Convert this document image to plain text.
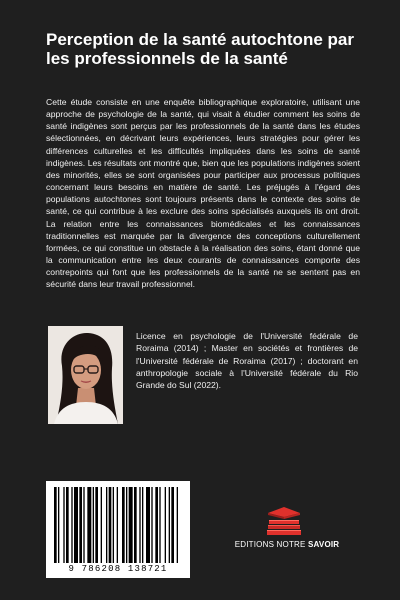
Perception de la santé autochtone par les professionnels de la santé

Cette étude consiste en une enquête bibliographique exploratoire, utilisant une approche de psychologie de la santé, qui visait à étudier comment les soins de santé indigènes sont perçus par les professionnels de la santé dans les études sélectionnées, en décrivant leurs expériences, leurs stratégies pour gérer les différences culturelles et les difficultés impliquées dans les soins de santé indigènes. Les résultats ont montré que, bien que les populations indigènes soient des minorités, elles se sont organisées pour participer aux processus politiques concernant leurs besoins en matière de santé. Les préjugés à l'égard des populations autochtones sont toujours présents dans le contexte des soins de santé, ce qui contribue à les exclure des soins spécialisés auxquels ils ont droit. La relation entre les connaissances biomédicales et les connaissances traditionnelles est marquée par la divergence des conceptions culturellement formées, ce qui constitue un obstacle à la réalisation des soins, étant donné que la communication entre les deux courants de connaissances comporte des contrepoints qui font que les professionnels de la santé ne se sentent pas en sécurité dans leur travail professionnel.

Licence en psychologie de l'Université fédérale de Roraima (2014) ; Master en sociétés et frontières de l'Université fédérale de Roraima (2017) ; doctorant en anthropologie sociale à l'Université fédérale du Rio Grande do Sul (2022).

9 786208 138721
EDITIONS NOTRE SAVOIR
